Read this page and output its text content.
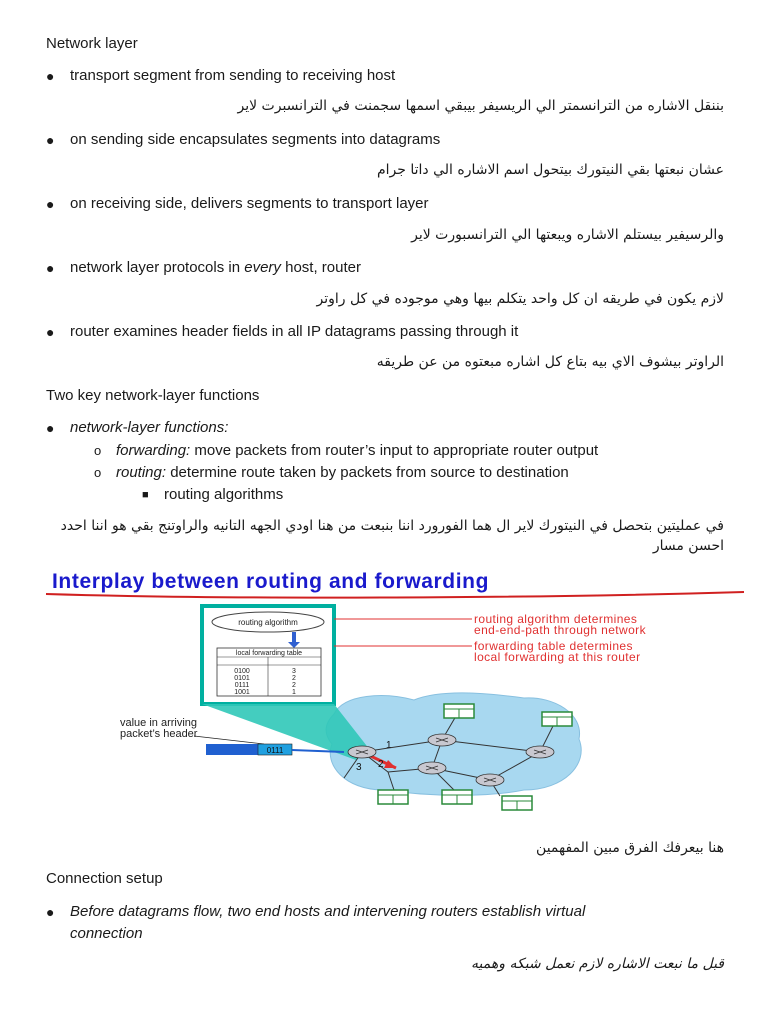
Network layer
● transport segment from sending to receiving host
بننقل الاشاره من الترانسمتر الي الريسيفر بيبقي اسمها سجمنت في الترانسبرت لاير
● on sending side encapsulates segments into datagrams
عشان نبعتها بقي النيتورك بيتحول اسم الاشاره الي داتا جرام
● on receiving side, delivers segments to transport layer
والرسيفير بيستلم الاشاره ويبعتها الي الترانسبورت لاير
● network layer protocols in every host, router
لازم يكون في طريقه ان كل واحد يتكلم بيها وهي موجوده في كل راوتر
● router examines header fields in all IP datagrams passing through it
الراوتر بيشوف الاي بيه بتاع كل اشاره مبعتوه من عن طريقه
Two key network-layer functions
● network-layer functions:
o forwarding: move packets from router’s input to appropriate router output
o routing: determine route taken by packets from source to destination
■ routing algorithms
في عمليتين بتحصل في النيتورك لاير ال هما الفورورد اننا بنبعت من هنا اودي الجهه التانيه والراوتنج بقي هو اننا احدد احسن مسار
Interplay between routing and forwarding
routing algorithm
local forwarding table
0100	3
0101	2
0111	2
1001	1
routing algorithm determines
end-end-path through network
forwarding table determines
local forwarding at this router
value in arriving
packet’s header
0111	1
2
3
هنا بيعرفك الفرق مبين المفهمين
Connection setup
● Before datagrams flow, two end hosts and intervening routers establish virtual
connection
قبل ما نبعت الاشاره لازم نعمل شبكه وهميه
